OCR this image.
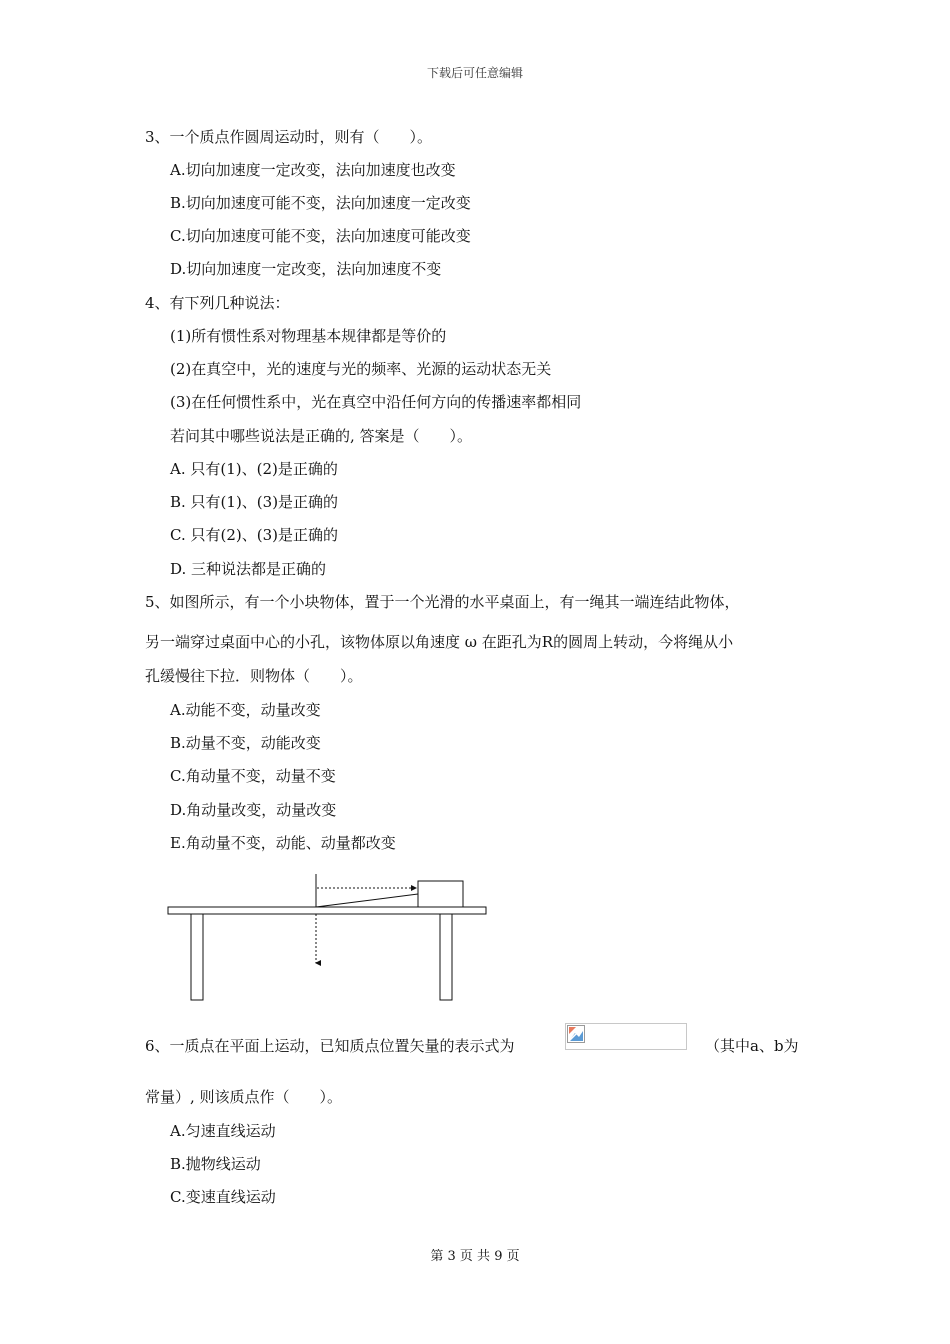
下载后可任意编辑
3、一个质点作圆周运动时，则有（　　）。
A.切向加速度一定改变，法向加速度也改变
B.切向加速度可能不变，法向加速度一定改变
C.切向加速度可能不变，法向加速度可能改变
D.切向加速度一定改变，法向加速度不变
4、有下列几种说法：
(1)所有惯性系对物理基本规律都是等价的
(2)在真空中，光的速度与光的频率、光源的运动状态无关
(3)在任何惯性系中，光在真空中沿任何方向的传播速率都相同
若问其中哪些说法是正确的, 答案是（　　）。
A. 只有(1)、(2)是正确的
B. 只有(1)、(3)是正确的
C. 只有(2)、(3)是正确的
D. 三种说法都是正确的
5、如图所示，有一个小块物体，置于一个光滑的水平桌面上，有一绳其一端连结此物体，
另一端穿过桌面中心的小孔，该物体原以角速度 ω 在距孔为R的圆周上转动，今将绳从小
孔缓慢往下拉．则物体（　　）。
A.动能不变，动量改变
B.动量不变，动能改变
C.角动量不变，动量不变
D.角动量改变，动量改变
E.角动量不变，动能、动量都改变
6、一质点在平面上运动，已知质点位置矢量的表示式为	（其中a、b为
常量）, 则该质点作（　　）。
A.匀速直线运动
B.抛物线运动
C.变速直线运动
第 3 页 共 9 页
